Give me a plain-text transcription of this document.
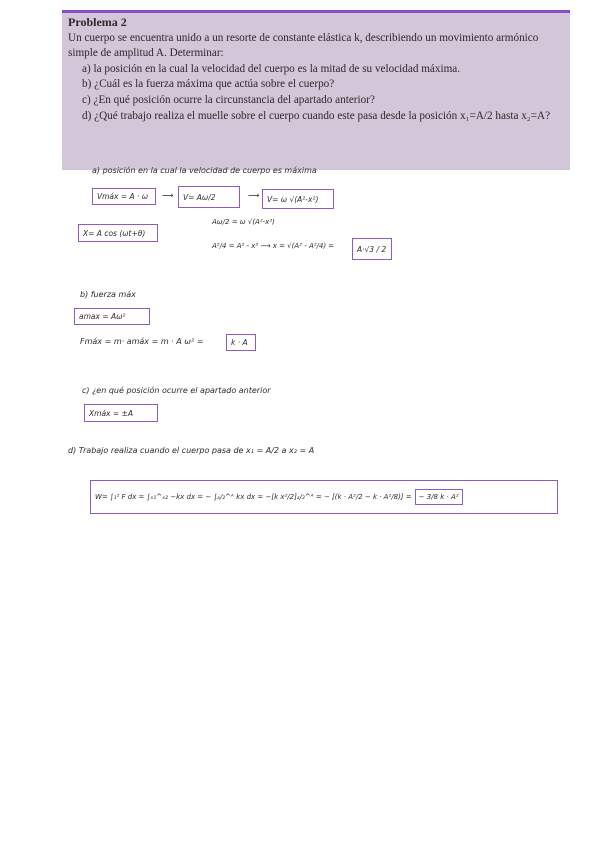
Problema 2
Un cuerpo se encuentra unido a un resorte de constante elástica k, describiendo un movimiento armónico simple de amplitud A. Determinar:
a) la posición en la cual la velocidad del cuerpo es la mitad de su velocidad máxima.
b) ¿Cuál es la fuerza máxima que actúa sobre el cuerpo?
c) ¿En qué posición ocurre la circunstancia del apartado anterior?
d) ¿Qué trabajo realiza el muelle sobre el cuerpo cuando este pasa desde la posición x₁=A/2 hasta x₂=A?
a) posición en la cual la velocidad de cuerpo es máxima
Vmáx = A · ω	⟶	V= Aω/2	⟶	V= ω √(A²-x²)
X= A cos (ωt+θ)
Aω/2 = ω √(A²-x²)
A²/4 = A² - x² ⟶ x = √(A² - A²/4) =	A·√3 / 2
b) fuerza máx
amax = Aω²
Fmáx = m· amáx = m · A ω² =	k · A
c) ¿en qué posición ocurre el apartado anterior
Xmáx = ±A
d) Trabajo realiza cuando el cuerpo pasa de x₁ = A/2 a x₂ = A
W= ∫₁² F dx = ∫ₓ₁^ₓ₂ −kx dx = − ∫ₐ/₂^ᴬ kx dx = −[k x²/2]ₐ/₂^ᴬ = − [(k · A²/2 − k · A²/8)] =	− 3/8 k · A²
